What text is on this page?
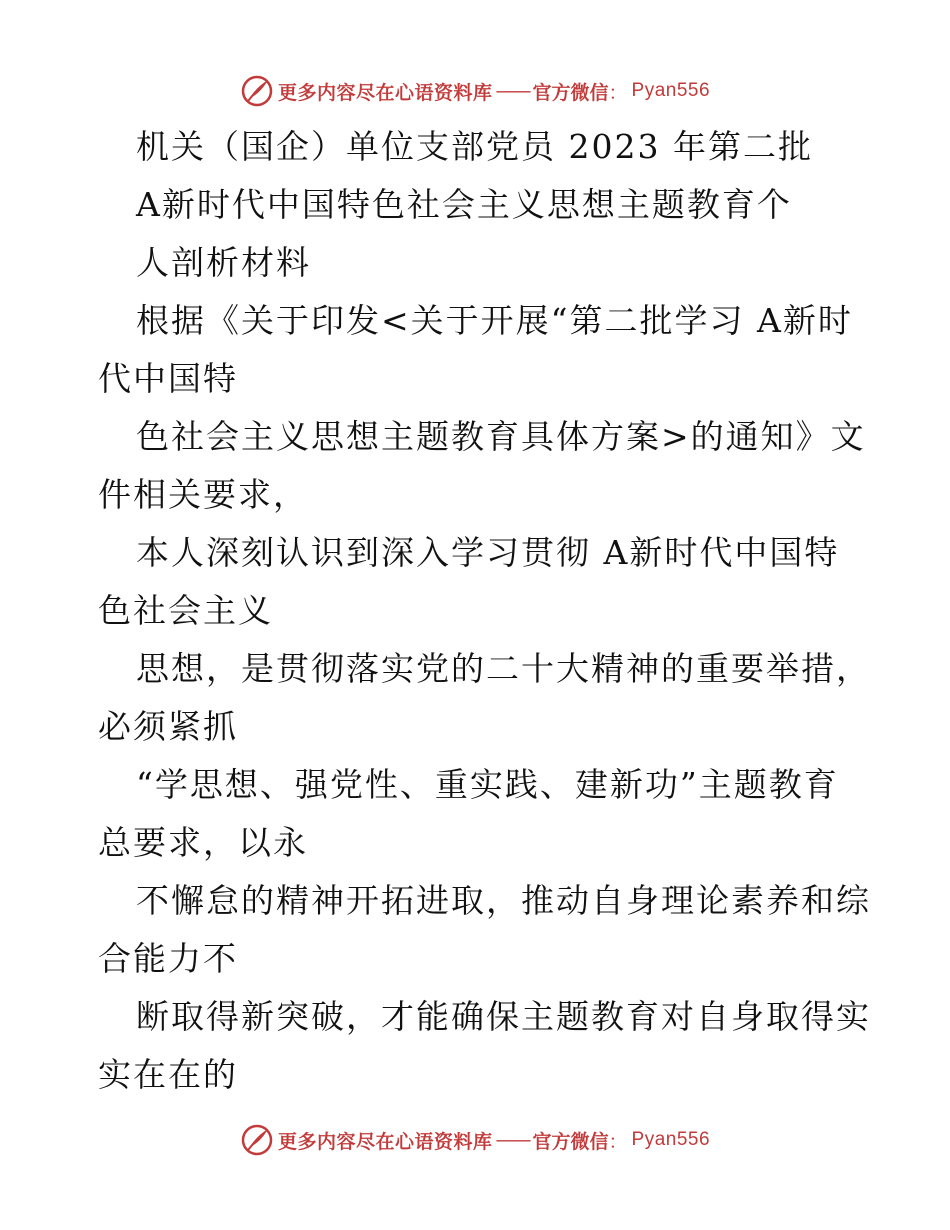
更多内容尽在心语资料库 —— 官方微信 ： Pyan556
机关（国企）单位支部党员 2023 年第二批
A新时代中国特色社会主义思想主题教育个
人剖析材料
根据《关于印发<关于开展“第二批学习 A新时
代中国特
色社会主义思想主题教育具体方案>的通知》文
件相关要求，
本人深刻认识到深入学习贯彻 A新时代中国特
色社会主义
思想，是贯彻落实党的二十大精神的重要举措，
必须紧抓
“学思想、强党性、重实践、建新功”主题教育
总要求，以永
不懈怠的精神开拓进取，推动自身理论素养和综
合能力不
断取得新突破，才能确保主题教育对自身取得实
实在在的
更多内容尽在心语资料库 —— 官方微信 ： Pyan556
